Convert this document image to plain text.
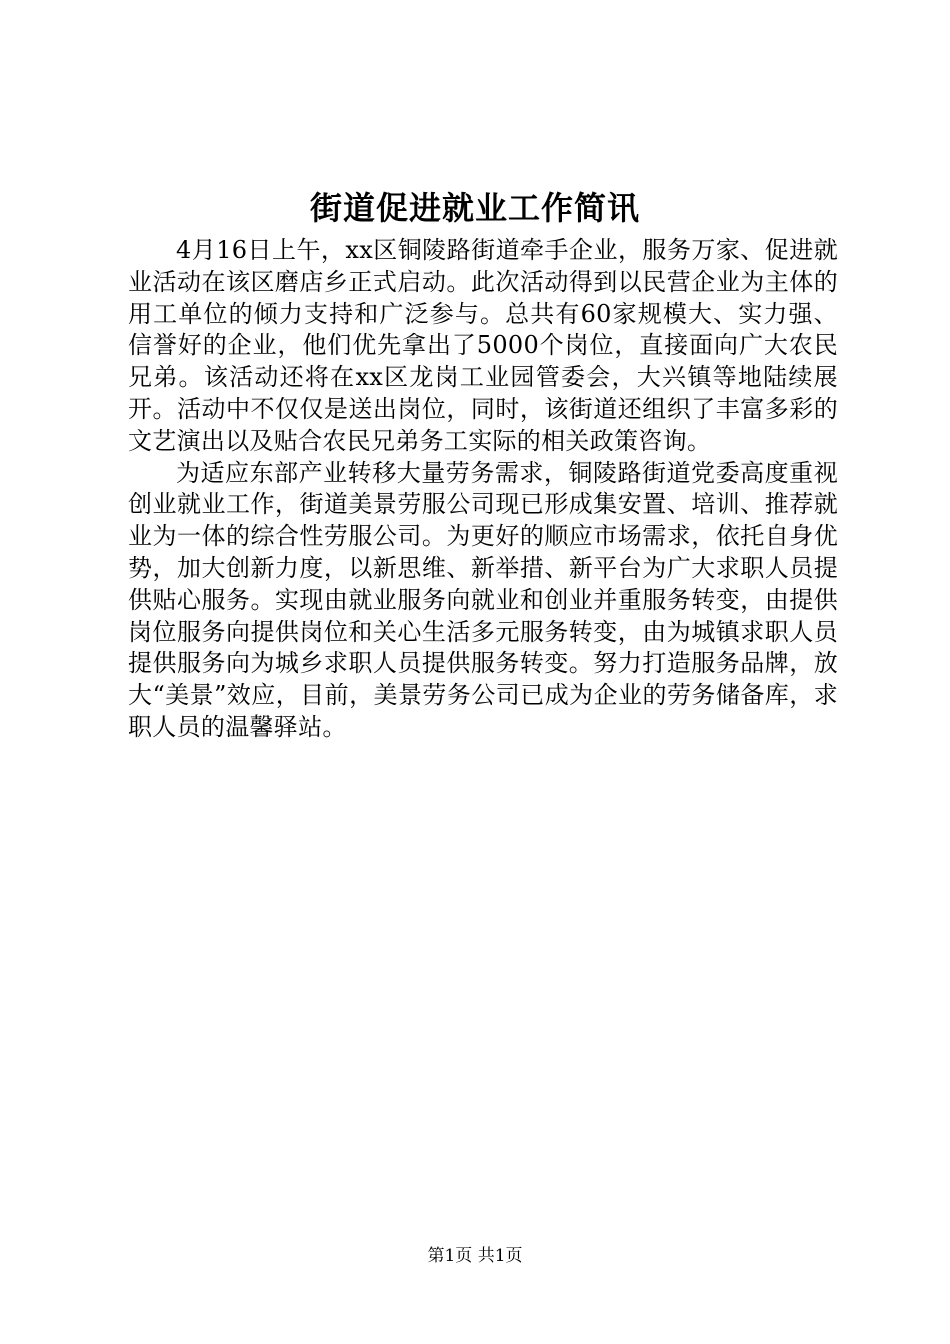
街道促进就业工作简讯

4月16日上午，xx区铜陵路街道牵手企业，服务万家、促进就业活动在该区磨店乡正式启动。此次活动得到以民营企业为主体的用工单位的倾力支持和广泛参与。总共有60家规模大、实力强、信誉好的企业，他们优先拿出了5000个岗位，直接面向广大农民兄弟。该活动还将在xx区龙岗工业园管委会，大兴镇等地陆续展开。活动中不仅仅是送出岗位，同时，该街道还组织了丰富多彩的文艺演出以及贴合农民兄弟务工实际的相关政策咨询。

为适应东部产业转移大量劳务需求，铜陵路街道党委高度重视创业就业工作，街道美景劳服公司现已形成集安置、培训、推荐就业为一体的综合性劳服公司。为更好的顺应市场需求，依托自身优势，加大创新力度，以新思维、新举措、新平台为广大求职人员提供贴心服务。实现由就业服务向就业和创业并重服务转变，由提供岗位服务向提供岗位和关心生活多元服务转变，由为城镇求职人员提供服务向为城乡求职人员提供服务转变。努力打造服务品牌，放大“美景”效应，目前，美景劳务公司已成为企业的劳务储备库，求职人员的温馨驿站。

第1页 共1页
